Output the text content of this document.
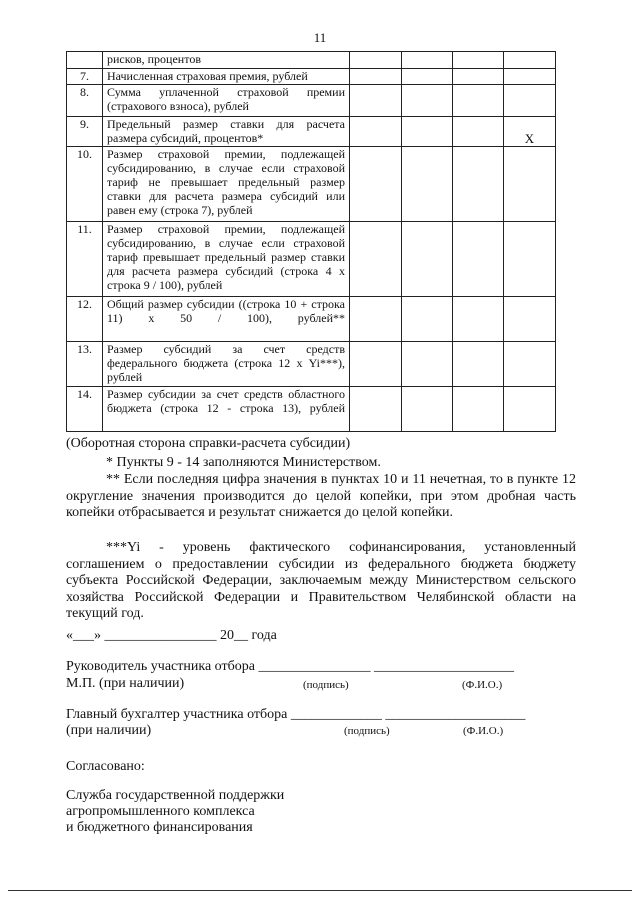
11
	рисков, процентов				
7.	Начисленная страховая премия, рублей				
8.	Сумма уплаченной страховой премии (страхового взноса), рублей				
9.	Предельный размер ставки для расчета размера субсидий, процентов*				X
10.	Размер страховой премии, подлежащей субсидированию, в случае если страховой тариф не превышает предельный размер ставки для расчета размера субсидий или равен ему (строка 7), рублей				
11.	Размер страховой премии, подлежащей субсидированию, в случае если страховой тариф превышает предельный размер ставки для расчета размера субсидий (строка 4 х строка 9 / 100), рублей				
12.	Общий размер субсидии ((строка 10 + строка 11) х 50 / 100), рублей**				
13.	Размер субсидий за счет средств федерального бюджета (строка 12 х Yi***), рублей				
14.	Размер субсидии за счет средств областного бюджета (строка 12 - строка 13), рублей				
(Оборотная сторона справки-расчета субсидии)
* Пункты 9 - 14 заполняются Министерством.
** Если последняя цифра значения в пунктах 10 и 11 нечетная, то в пункте 12 округление значения производится до целой копейки, при этом дробная часть копейки отбрасывается и результат снижается до целой копейки.
***Yi - уровень фактического софинансирования, установленный соглашением о предоставлении субсидии из федерального бюджета бюджету субъекта Российской Федерации, заключаемым между Министерством сельского хозяйства Российской Федерации и Правительством Челябинской области на текущий год.
«___» ________________ 20__ года
Руководитель участника отбора ________________ ____________________
М.П. (при наличии)	(подпись)	(Ф.И.О.)
Главный бухгалтер участника отбора _____________ ____________________
(при наличии)	(подпись)	(Ф.И.О.)
Согласовано:
Служба государственной поддержки
агропромышленного комплекса
и бюджетного финансирования
